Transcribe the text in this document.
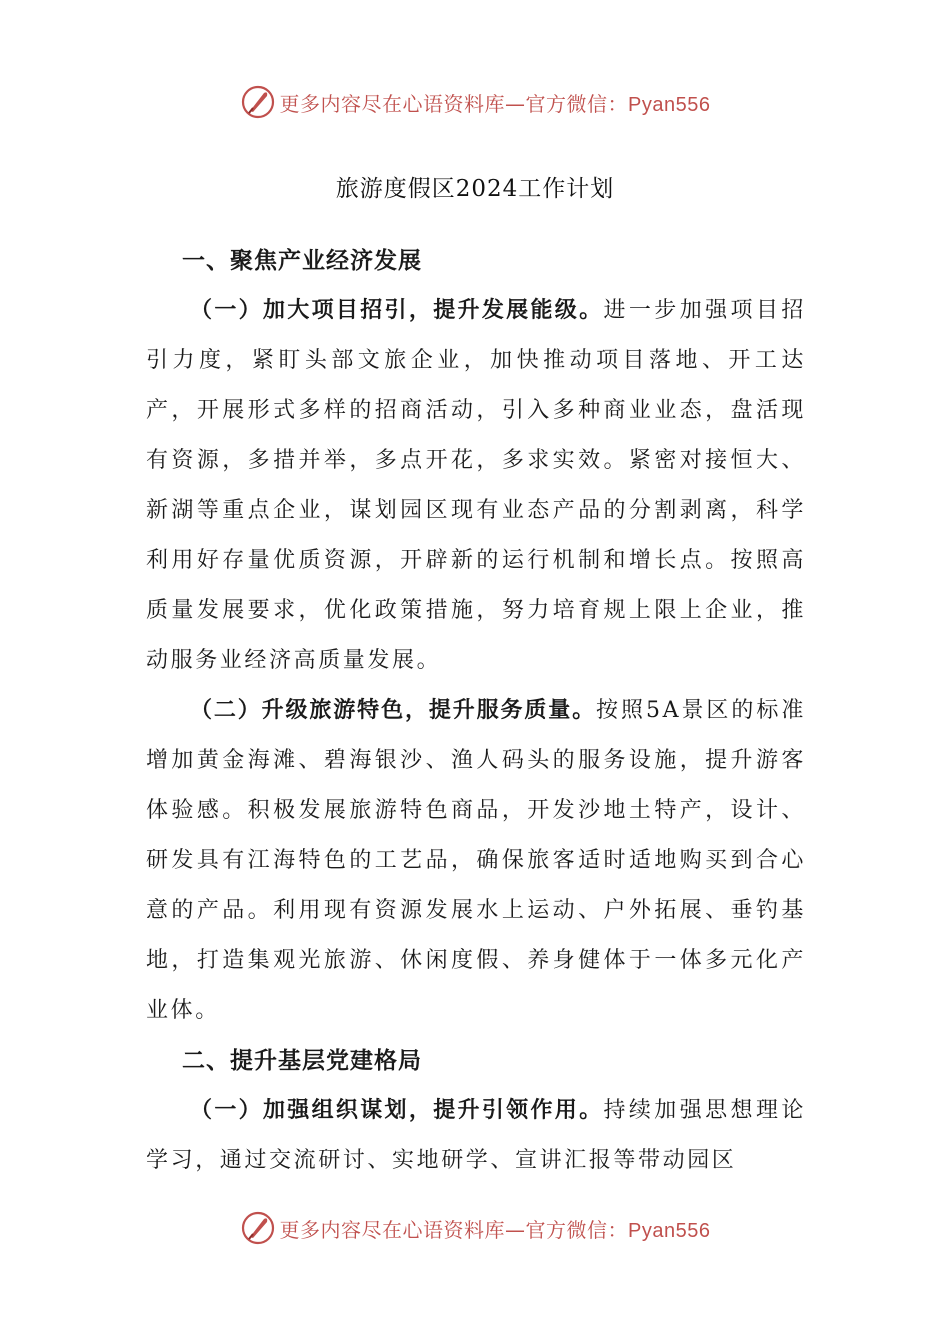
更多内容尽在心语资料库—官方微信：Pyan556
旅游度假区2024工作计划
一、聚焦产业经济发展

（一）加大项目招引，提升发展能级。进一步加强项目招引力度，紧盯头部文旅企业，加快推动项目落地、开工达产，开展形式多样的招商活动，引入多种商业业态，盘活现有资源，多措并举，多点开花，多求实效。紧密对接恒大、新湖等重点企业，谋划园区现有业态产品的分割剥离，科学利用好存量优质资源，开辟新的运行机制和增长点。按照高质量发展要求，优化政策措施，努力培育规上限上企业，推动服务业经济高质量发展。

（二）升级旅游特色，提升服务质量。按照5A景区的标准增加黄金海滩、碧海银沙、渔人码头的服务设施，提升游客体验感。积极发展旅游特色商品，开发沙地土特产，设计、研发具有江海特色的工艺品，确保旅客适时适地购买到合心意的产品。利用现有资源发展水上运动、户外拓展、垂钓基地，打造集观光旅游、休闲度假、养身健体于一体多元化产业体。

二、提升基层党建格局

（一）加强组织谋划，提升引领作用。持续加强思想理论学习，通过交流研讨、实地研学、宣讲汇报等带动园区

更多内容尽在心语资料库—官方微信：Pyan556
